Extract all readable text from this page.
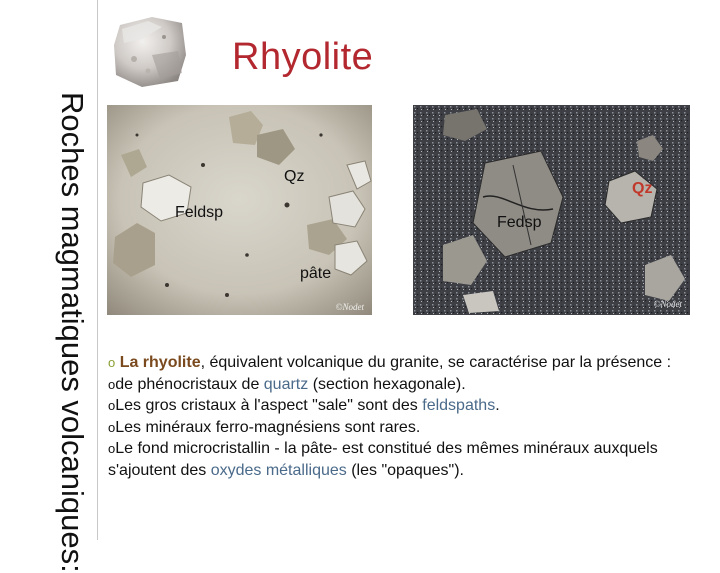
Roches magmatiques volcaniques:
Rhyolite
©Nodet	©Nodet
Qz
Feldsp
pâte
Qz
Fedsp

o La rhyolite, équivalent volcanique du granite, se caractérise par la présence :

ode phénocristaux de quartz (section hexagonale).

oLes gros cristaux à l'aspect "sale" sont des feldspaths.

oLes minéraux ferro-magnésiens sont rares.

oLe fond microcristallin - la pâte- est constitué des mêmes minéraux auxquels s'ajoutent des oxydes métalliques (les "opaques").
